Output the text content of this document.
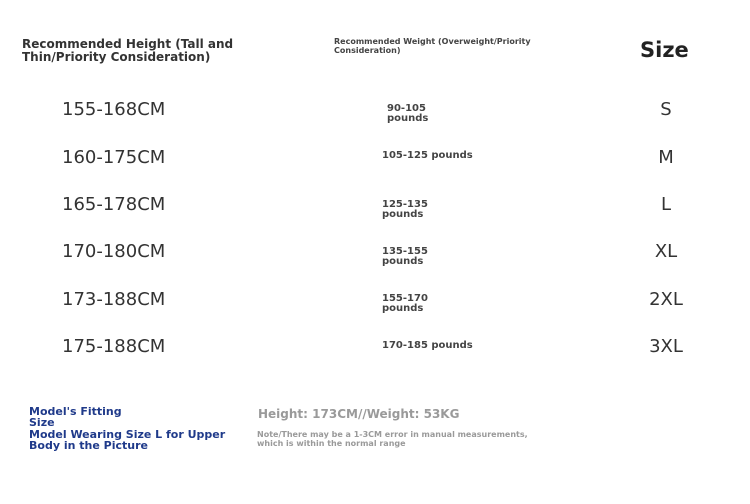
Recommended Height (Tall and
Thin/Priority Consideration)
Recommended Weight (Overweight/Priority
Consideration)	Size
155-168CM	90-105
pounds	S
160-175CM	105-125 pounds	M
165-178CM	125-135
pounds	L
170-180CM	135-155
pounds	XL
173-188CM	155-170
pounds	2XL
175-188CM	170-185 pounds	3XL
Model's Fitting
Size
Model Wearing Size L for Upper
Body in the Picture
Height: 173CM//Weight: 53KG
Note/There may be a 1-3CM error in manual measurements,
which is within the normal range
